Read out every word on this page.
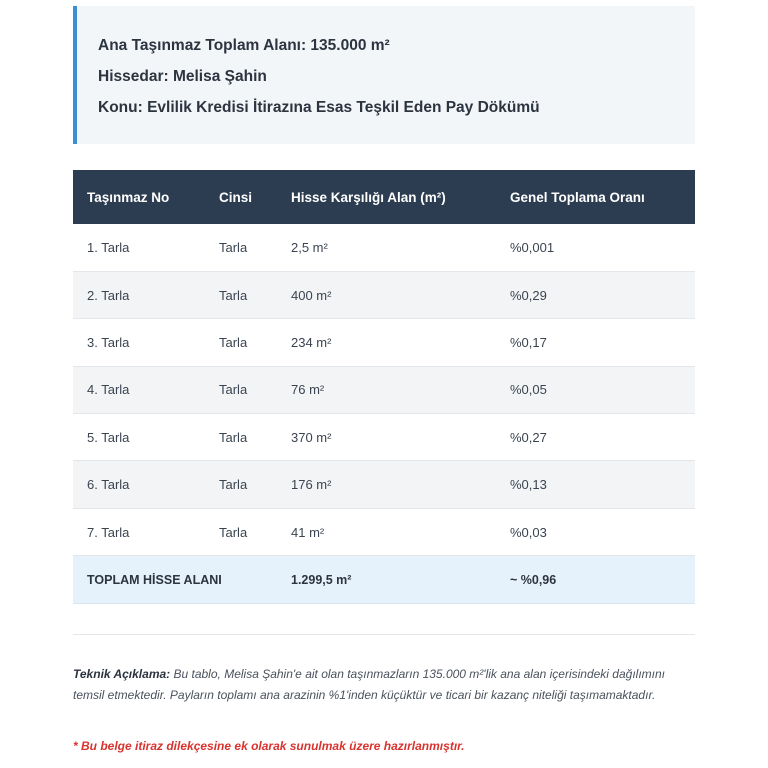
Ana Taşınmaz Toplam Alanı: 135.000 m²
Hissedar: Melisa Şahin
Konu: Evlilik Kredisi İtirazına Esas Teşkil Eden Pay Dökümü
Taşınmaz No	Cinsi	Hisse Karşılığı Alan (m²)	Genel Toplama Oranı
1. Tarla	Tarla	2,5 m²	%0,001
2. Tarla	Tarla	400 m²	%0,29
3. Tarla	Tarla	234 m²	%0,17
4. Tarla	Tarla	76 m²	%0,05
5. Tarla	Tarla	370 m²	%0,27
6. Tarla	Tarla	176 m²	%0,13
7. Tarla	Tarla	41 m²	%0,03
TOPLAM HİSSE ALANI		1.299,5 m²	~ %0,96
Teknik Açıklama: Bu tablo, Melisa Şahin'e ait olan taşınmazların 135.000 m²'lik ana alan içerisindeki dağılımını temsil etmektedir. Payların toplamı ana arazinin %1'inden küçüktür ve ticari bir kazanç niteliği taşımamaktadır.
* Bu belge itiraz dilekçesine ek olarak sunulmak üzere hazırlanmıştır.
